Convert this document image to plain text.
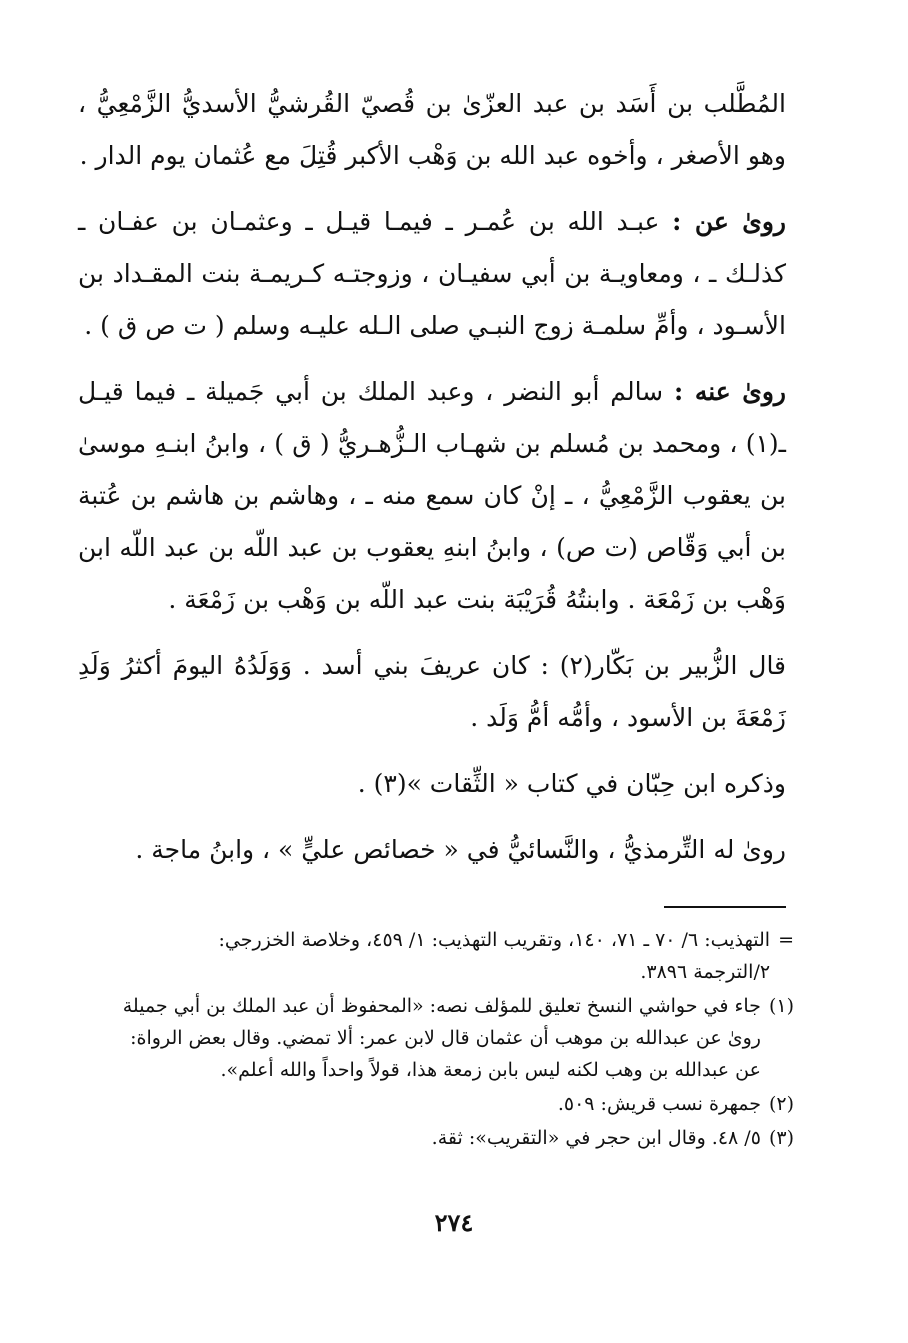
المُطَّلب بن أَسَد بن عبد العزّىٰ بن قُصيّ القُرشيُّ الأسديُّ الزَّمْعِيُّ ، وهو الأصغر ، وأخوه عبد الله بن وَهْب الأكبر قُتِلَ مع عُثمان يوم الدار .

روىٰ عن : عبـد الله بن عُمـر ـ فيمـا قيـل ـ وعثمـان بن عفـان ـ كذلـك ـ ، ومعاويـة بن أبي سفيـان ، وزوجتـه كـريمـة بنت المقـداد بن الأسـود ، وأمِّ سلمـة زوج النبـي صلى الـله عليـه وسلم ( ت ص ق ) .

روىٰ عنه : سالم أبو النضر ، وعبد الملك بن أبي جَميلة ـ فيما قيـل ـ(١) ، ومحمد بن مُسلم بن شهـاب الـزُّهـريُّ ( ق ) ، وابنُ ابنـهِ موسىٰ بن يعقوب الزَّمْعِيُّ ، ـ إنْ كان سمع منه ـ ، وهاشم بن هاشم بن عُتبة بن أبي وَقّاص (ت ص) ، وابنُ ابنهِ يعقوب بن عبد اللّه بن عبد اللّه ابن وَهْب بن زَمْعَة . وابنتُهُ قُرَيْبَة بنت عبد اللّه بن وَهْب بن زَمْعَة .

قال الزُّبير بن بَكّار(٢) : كان عريفَ بني أسد . وَوَلَدُهُ اليومَ أكثرُ وَلَدِ زَمْعَةَ بن الأسود ، وأمُّه أمُّ وَلَد .

وذكره ابن حِبّان في كتاب « الثِّقات »(٣) .

روىٰ له التِّرمذيُّ ، والنَّسائيُّ في « خصائص عليٍّ » ، وابنُ ماجة .

=
التهذيب: ٦/ ٧٠ ـ ٧١، ١٤٠، وتقريب التهذيب: ١/ ٤٥٩، وخلاصة الخزرجي:
٢/الترجمة ٣٨٩٦.
(١)
جاء في حواشي النسخ تعليق للمؤلف نصه: «المحفوظ أن عبد الملك بن أبي جميلة
روىٰ عن عبدالله بن موهب أن عثمان قال لابن عمر: ألا تمضي. وقال بعض الرواة:
عن عبدالله بن وهب لكنه ليس بابن زمعة هذا، قولاً واحداً والله أعلم».
(٢)
جمهرة نسب قريش: ٥٠٩.
(٣)
٥/ ٤٨. وقال ابن حجر في «التقريب»: ثقة.
٢٧٤
